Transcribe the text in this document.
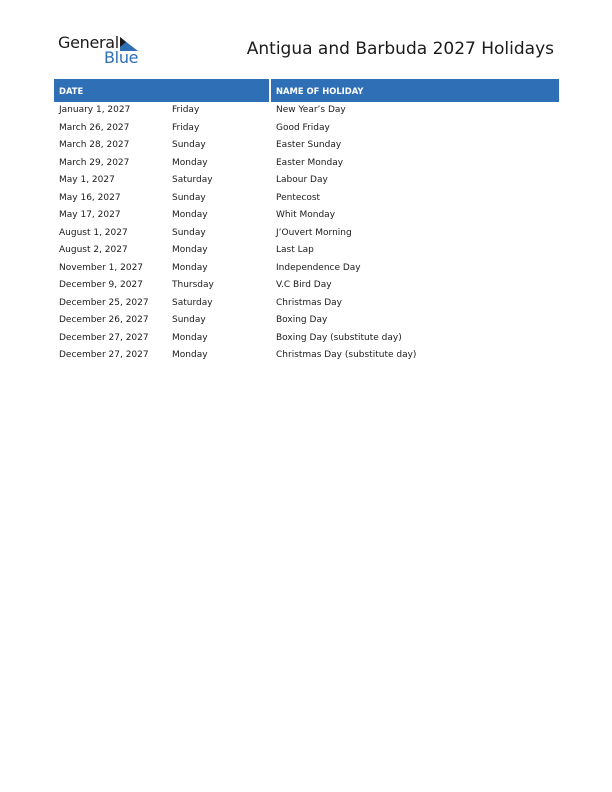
General
Blue	Antigua and Barbuda 2027 Holidays
DATE	NAME OF HOLIDAY
January 1, 2027	Friday	New Year’s Day
March 26, 2027	Friday	Good Friday
March 28, 2027	Sunday	Easter Sunday
March 29, 2027	Monday	Easter Monday
May 1, 2027	Saturday	Labour Day
May 16, 2027	Sunday	Pentecost
May 17, 2027	Monday	Whit Monday
August 1, 2027	Sunday	J’Ouvert Morning
August 2, 2027	Monday	Last Lap
November 1, 2027	Monday	Independence Day
December 9, 2027	Thursday	V.C Bird Day
December 25, 2027	Saturday	Christmas Day
December 26, 2027	Sunday	Boxing Day
December 27, 2027	Monday	Boxing Day (substitute day)
December 27, 2027	Monday	Christmas Day (substitute day)
